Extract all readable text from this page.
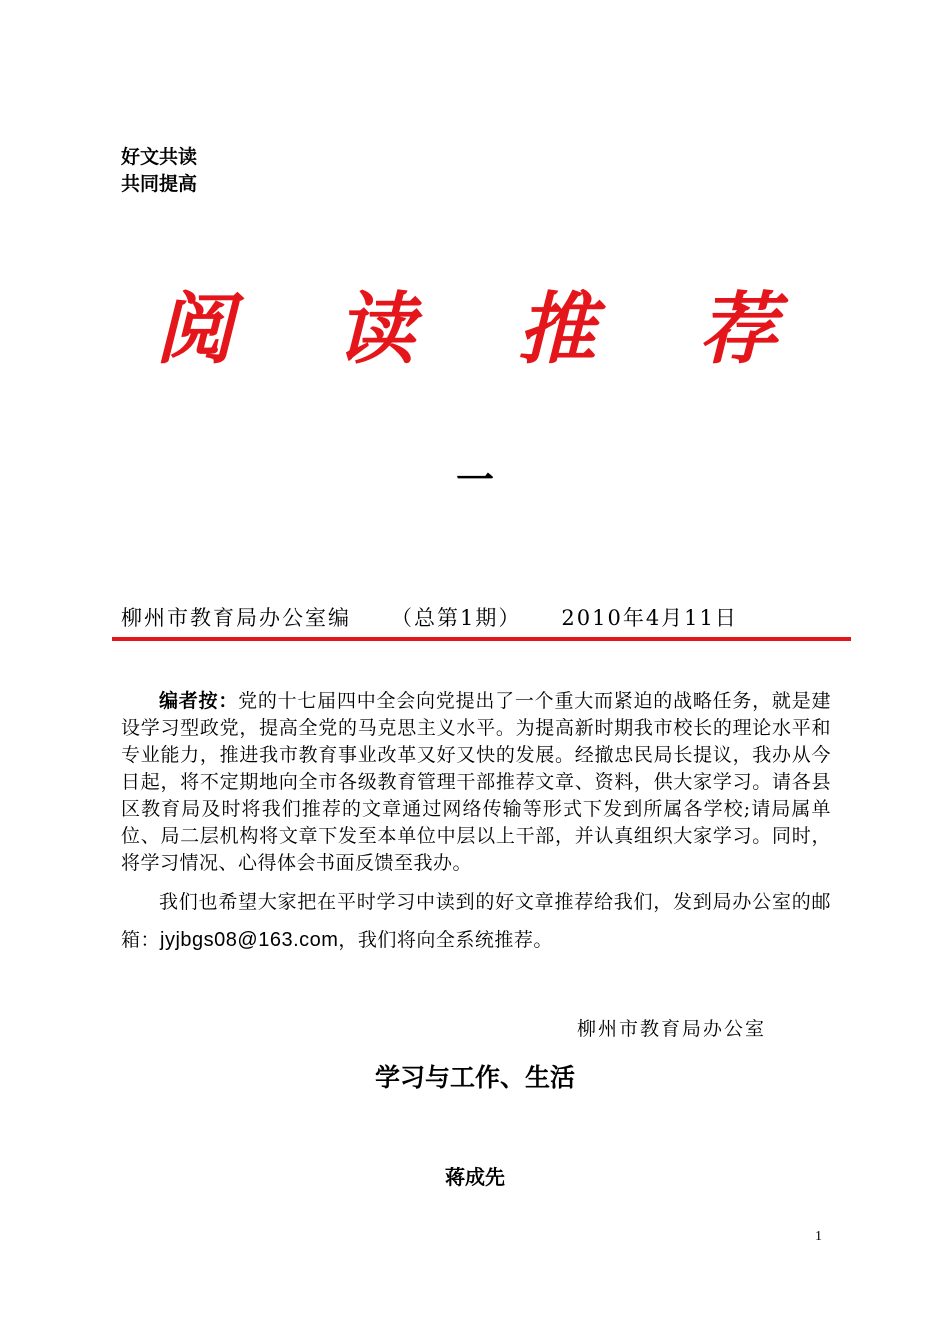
好文共读
共同提高
阅 读 推 荐
一
柳州市教育局办公室编 （总第1期） 2010年4月11日

编者按：党的十七届四中全会向党提出了一个重大而紧迫的战略任务，就是建设学习型政党，提高全党的马克思主义水平。为提高新时期我市校长的理论水平和专业能力，推进我市教育事业改革又好又快的发展。经撤忠民局长提议，我办从今日起，将不定期地向全市各级教育管理干部推荐文章、资料，供大家学习。请各县区教育局及时将我们推荐的文章通过网络传输等形式下发到所属各学校;请局属单位、局二层机构将文章下发至本单位中层以上干部，并认真组织大家学习。同时，将学习情况、心得体会书面反馈至我办。

我们也希望大家把在平时学习中读到的好文章推荐给我们，发到局办公室的邮箱：jyjbgs08@163.com，我们将向全系统推荐。

柳州市教育局办公室
学习与工作、生活
蒋成先
1
